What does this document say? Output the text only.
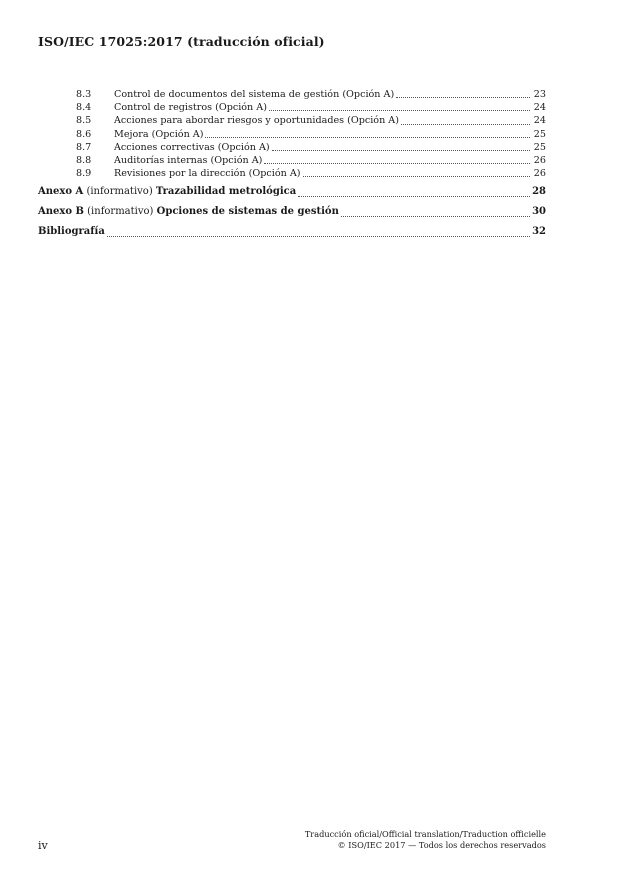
ISO/IEC 17025:2017 (traducción oficial)
8.3	Control de documentos del sistema de gestión (Opción A)	23
8.4	Control de registros (Opción A)	24
8.5	Acciones para abordar riesgos y oportunidades (Opción A)	24
8.6	Mejora (Opción A)	25
8.7	Acciones correctivas (Opción A)	25
8.8	Auditorías internas (Opción A)	26
8.9	Revisiones por la dirección (Opción A)	26
Anexo A (informativo) Trazabilidad metrológica	28
Anexo B (informativo) Opciones de sistemas de gestión	30
Bibliografía	32
iv
Traducción oficial/Official translation/Traduction officielle
© ISO/IEC 2017 — Todos los derechos reservados
